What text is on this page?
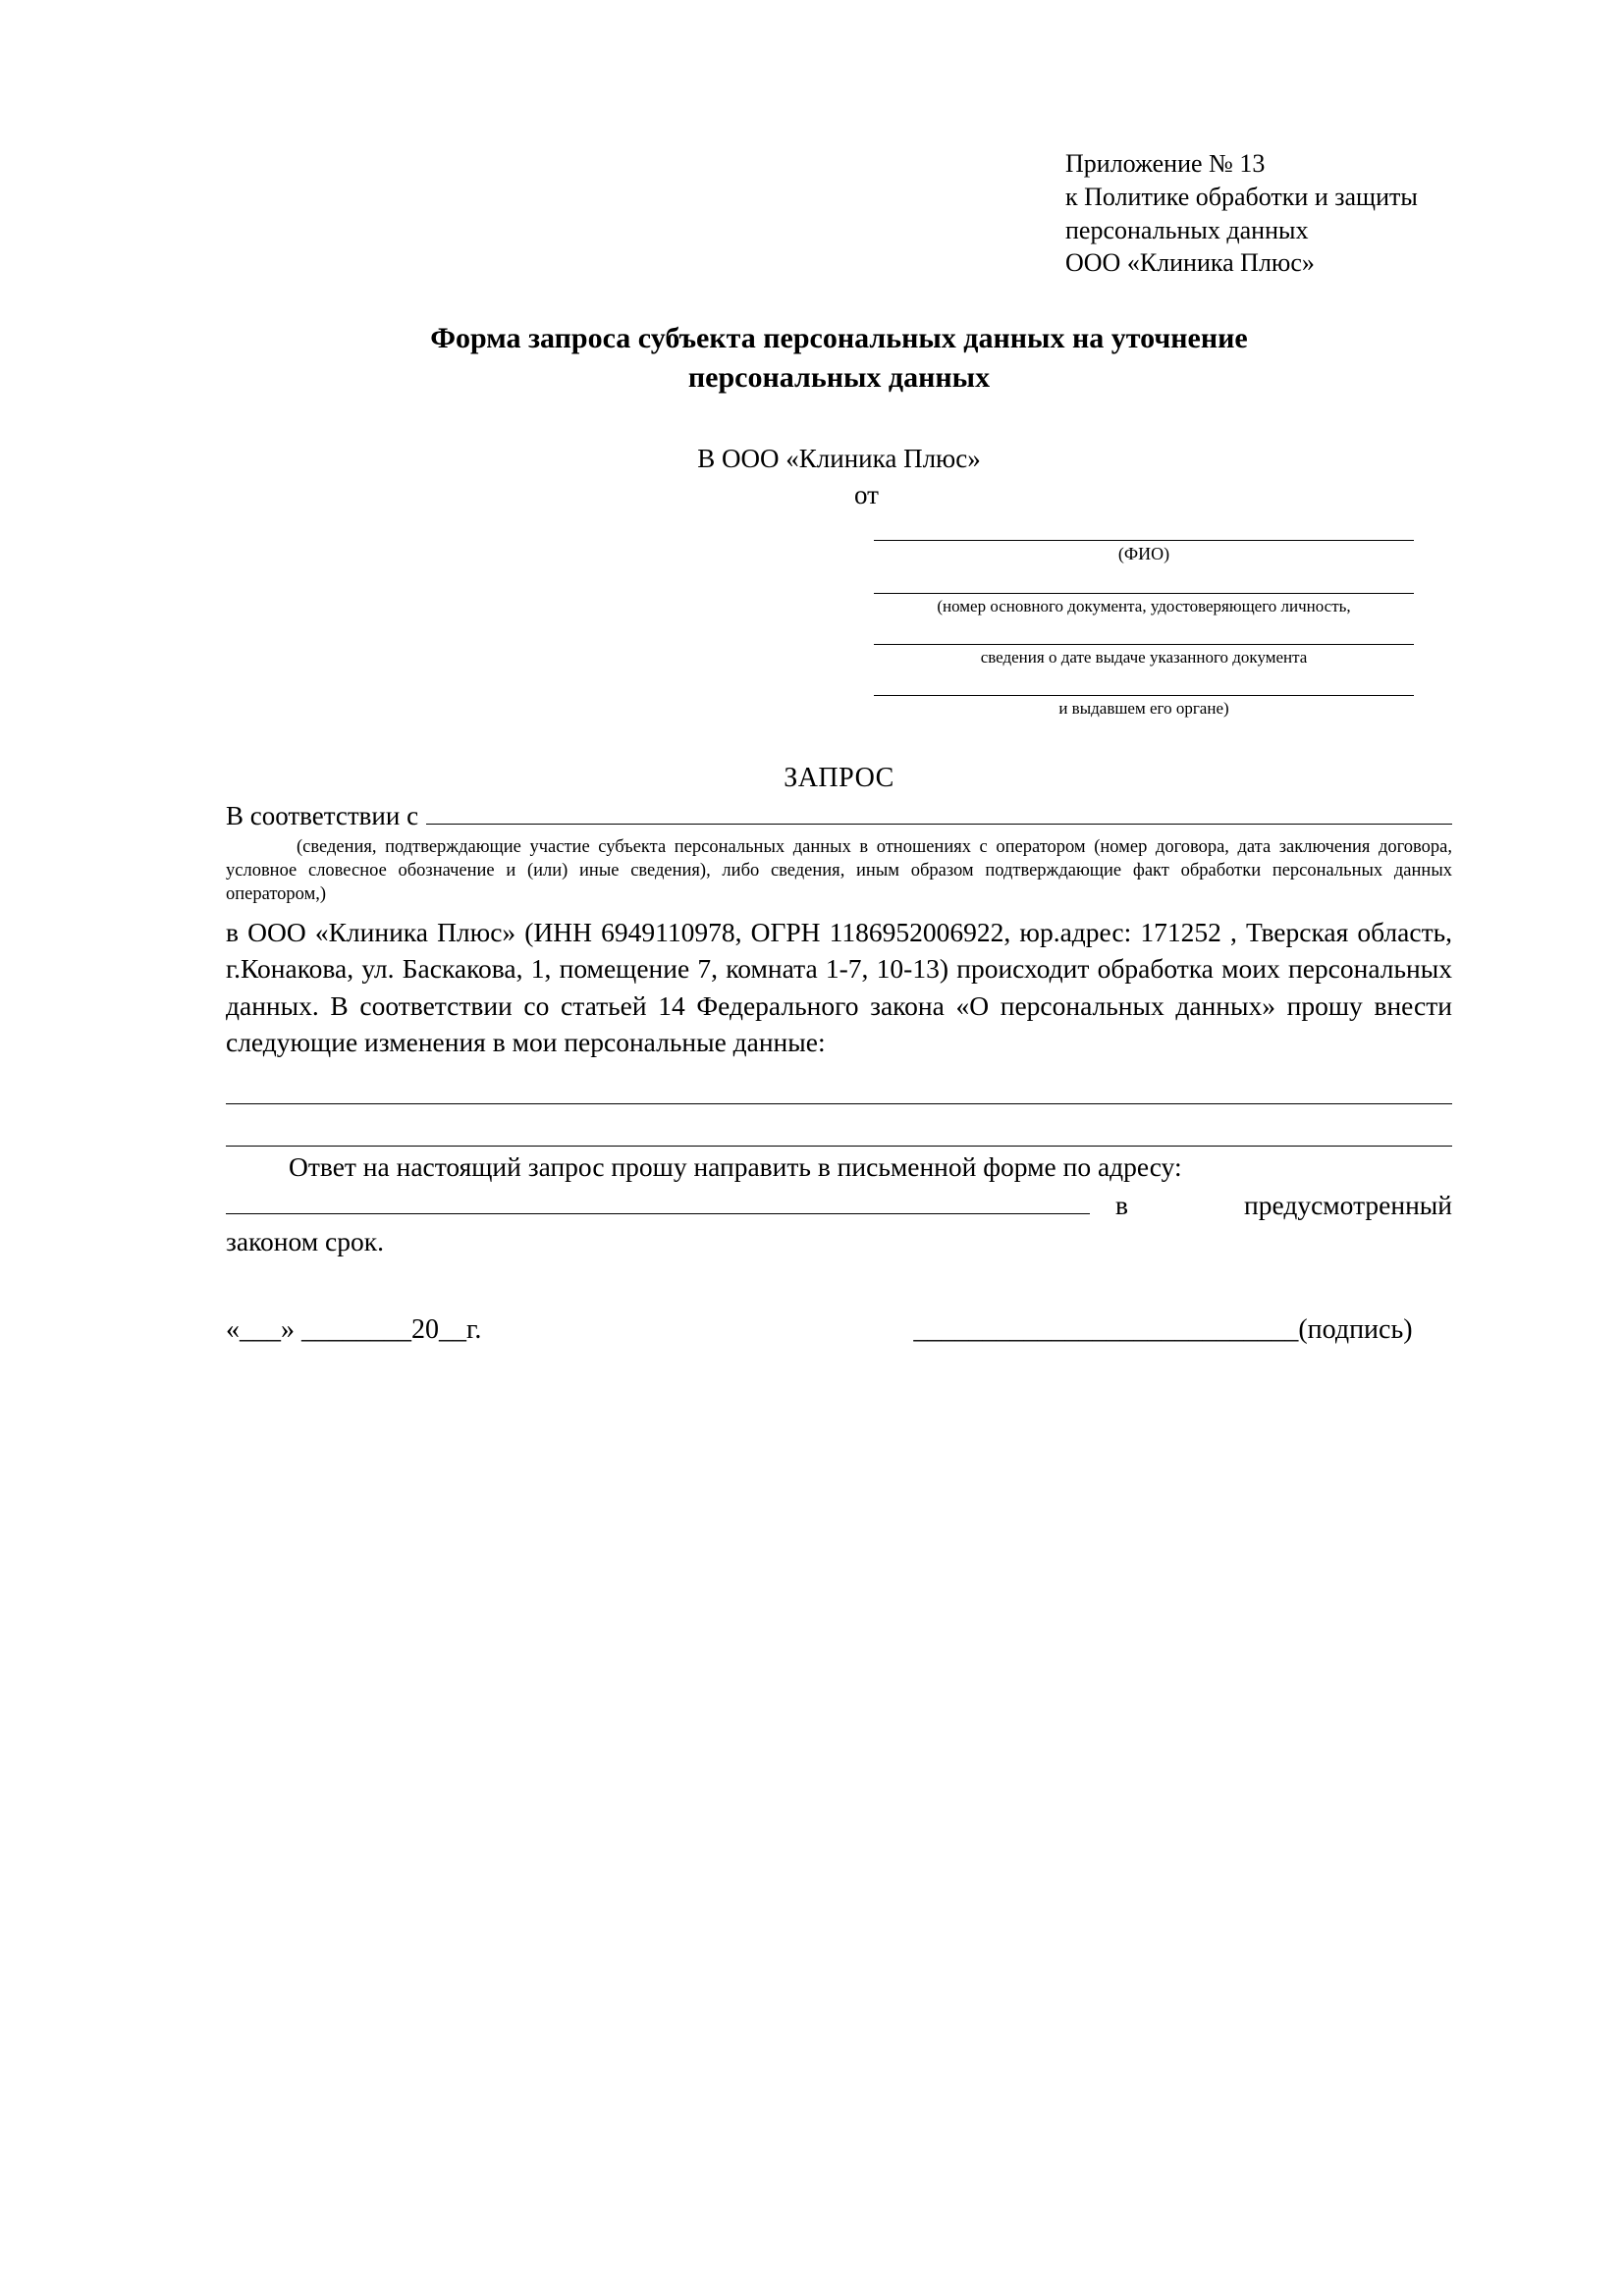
Приложение № 13
к Политике обработки и защиты
персональных данных
ООО «Клиника Плюс»
Форма запроса субъекта персональных данных на уточнение
персональных данных
В ООО «Клиника Плюс»
от
(ФИО)
(номер основного документа, удостоверяющего личность,
сведения о дате выдаче указанного документа
и выдавшем его органе)
ЗАПРОС
В соответствии с
(сведения, подтверждающие участие субъекта персональных данных в отношениях с оператором (номер договора, дата заключения договора, условное словесное обозначение и (или) иные сведения), либо сведения, иным образом подтверждающие факт обработки персональных данных оператором,)
в ООО «Клиника Плюс» (ИНН 6949110978, ОГРН 1186952006922, юр.адрес: 171252 , Тверская область, г.Конакова, ул. Баскакова, 1, помещение 7, комната 1-7, 10-13) происходит обработка моих персональных данных. В соответствии со статьей 14 Федерального закона «О персональных данных» прошу внести следующие изменения в мои персональные данные:
Ответ на настоящий запрос прошу направить в письменной форме по адресу:
в	предусмотренный
законом срок.
«___» ________20__г.	____________________________(подпись)
